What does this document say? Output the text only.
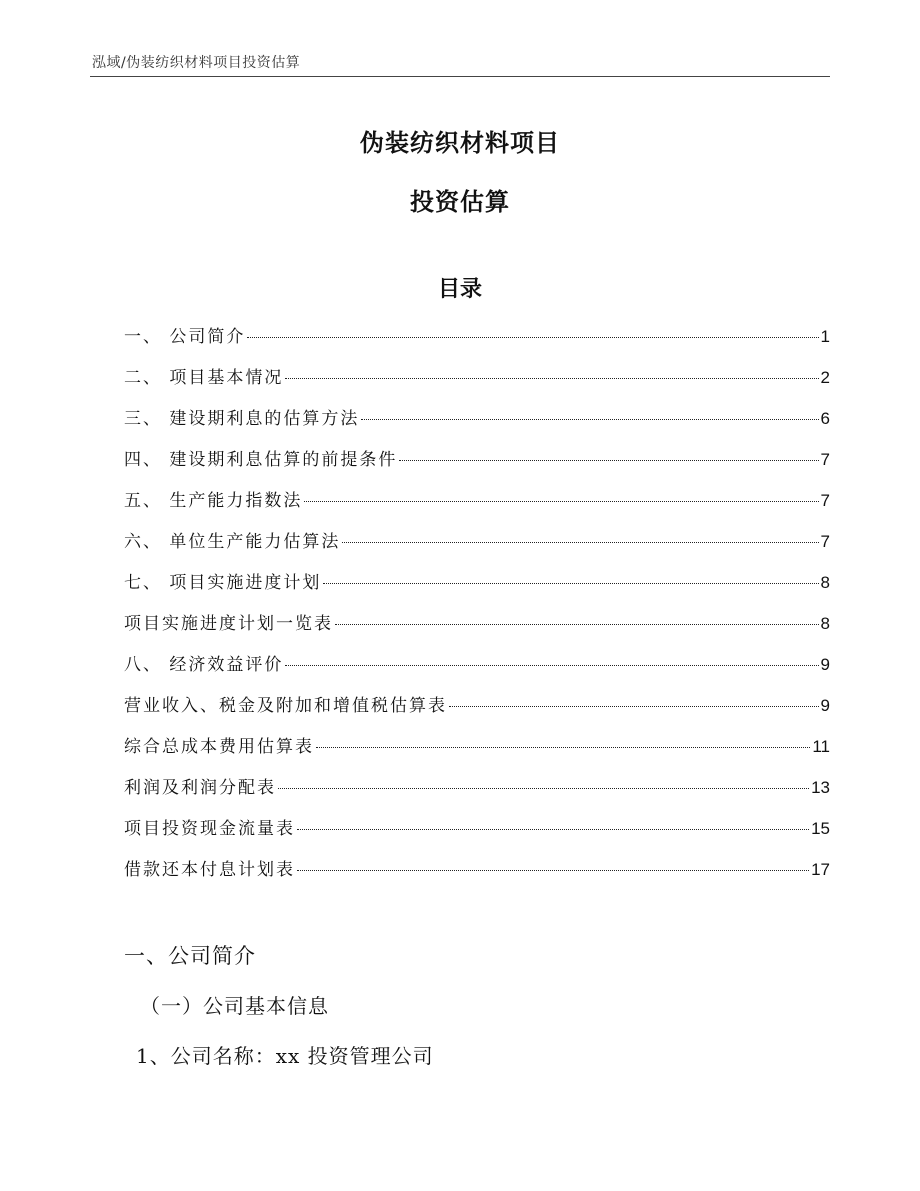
泓域/伪装纺织材料项目投资估算
伪装纺织材料项目
投资估算
目录
一、 公司简介	1
二、 项目基本情况	2
三、 建设期利息的估算方法	6
四、 建设期利息估算的前提条件	7
五、 生产能力指数法	7
六、 单位生产能力估算法	7
七、 项目实施进度计划	8
项目实施进度计划一览表	8
八、 经济效益评价	9
营业收入、税金及附加和增值税估算表	9
综合总成本费用估算表	11
利润及利润分配表	13
项目投资现金流量表	15
借款还本付息计划表	17
一、公司简介
（一）公司基本信息
1、公司名称：xx 投资管理公司
